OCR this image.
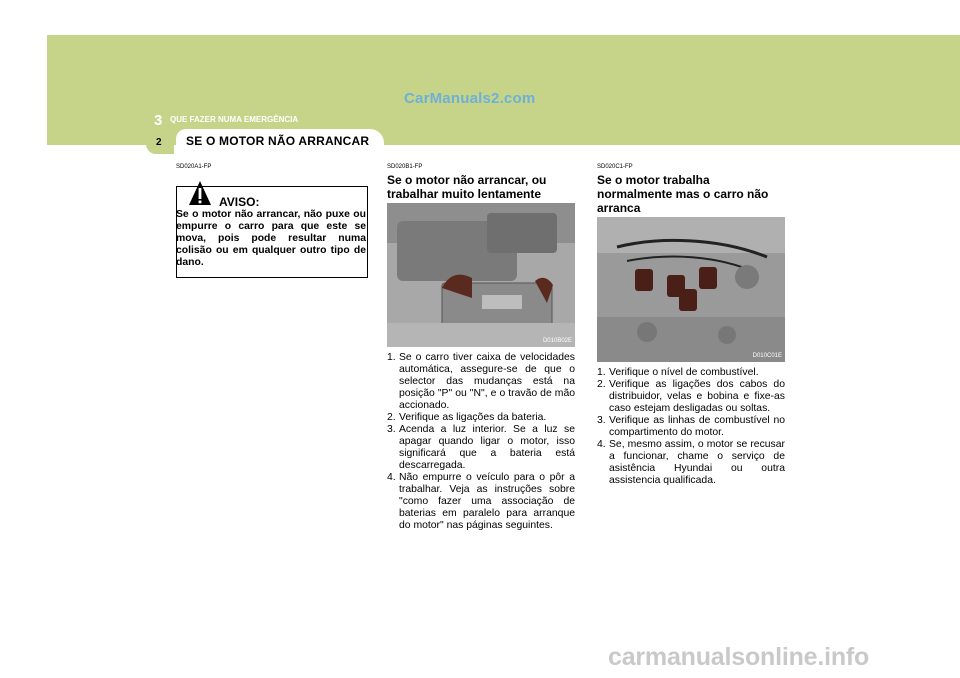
CarManuals2.com
3 QUE FAZER NUMA EMERGÊNCIA
2 SE O MOTOR NÃO ARRANCAR
SD020A1-FP
AVISO:
Se o motor não arrancar, não puxe ou empurre o carro para que este se mova, pois pode resultar numa colisão ou em qualquer outro tipo de dano.
SD020B1-FP
Se o motor não arrancar, ou trabalhar muito lentamente
D010B02E
1. Se o carro tiver caixa de velocidades automática, assegure-se de que o selector das mudanças está na posição "P" ou "N", e o travão de mão accionado.
2. Verifique as ligações da bateria.
3. Acenda a luz interior. Se a luz se apagar quando ligar o motor, isso significará que a bateria está descarregada.
4. Não empurre o veículo para o pôr a trabalhar. Veja as instruções sobre "como fazer uma associação de baterias em paralelo para arranque do motor" nas páginas seguintes.
SD020C1-FP
Se o motor trabalha normalmente mas o carro não arranca
D010C01E
1. Verifique o nível de combustível.
2. Verifique as ligações dos cabos do distribuidor, velas e bobina e fixe-as caso estejam desligadas ou soltas.
3. Verifique as linhas de combustível no compartimento do motor.
4. Se, mesmo assim, o motor se recusar a funcionar, chame o serviço de asistência Hyundai ou outra assistencia qualificada.
carmanualsonline.info
